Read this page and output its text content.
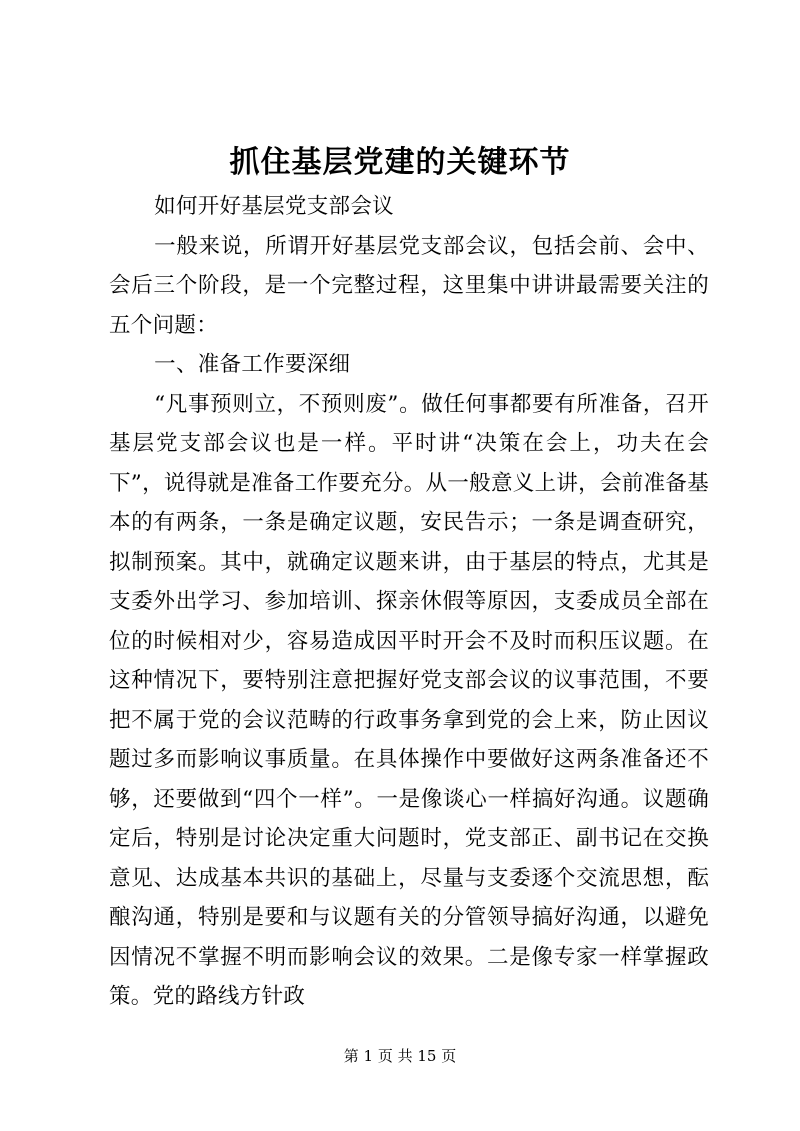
抓住基层党建的关键环节

如何开好基层党支部会议

一般来说，所谓开好基层党支部会议，包括会前、会中、会后三个阶段，是一个完整过程，这里集中讲讲最需要关注的五个问题：

一、准备工作要深细

“凡事预则立，不预则废”。做任何事都要有所准备，召开基层党支部会议也是一样。平时讲“决策在会上，功夫在会下”，说得就是准备工作要充分。从一般意义上讲，会前准备基本的有两条，一条是确定议题，安民告示；一条是调查研究，拟制预案。其中，就确定议题来讲，由于基层的特点，尤其是支委外出学习、参加培训、探亲休假等原因，支委成员全部在位的时候相对少，容易造成因平时开会不及时而积压议题。在这种情况下，要特别注意把握好党支部会议的议事范围，不要把不属于党的会议范畴的行政事务拿到党的会上来，防止因议题过多而影响议事质量。在具体操作中要做好这两条准备还不够，还要做到“四个一样”。一是像谈心一样搞好沟通。议题确定后，特别是讨论决定重大问题时，党支部正、副书记在交换意见、达成基本共识的基础上，尽量与支委逐个交流思想，酝酿沟通，特别是要和与议题有关的分管领导搞好沟通，以避免因情况不掌握不明而影响会议的效果。二是像专家一样掌握政策。党的路线方针政

第 1 页 共 15 页
